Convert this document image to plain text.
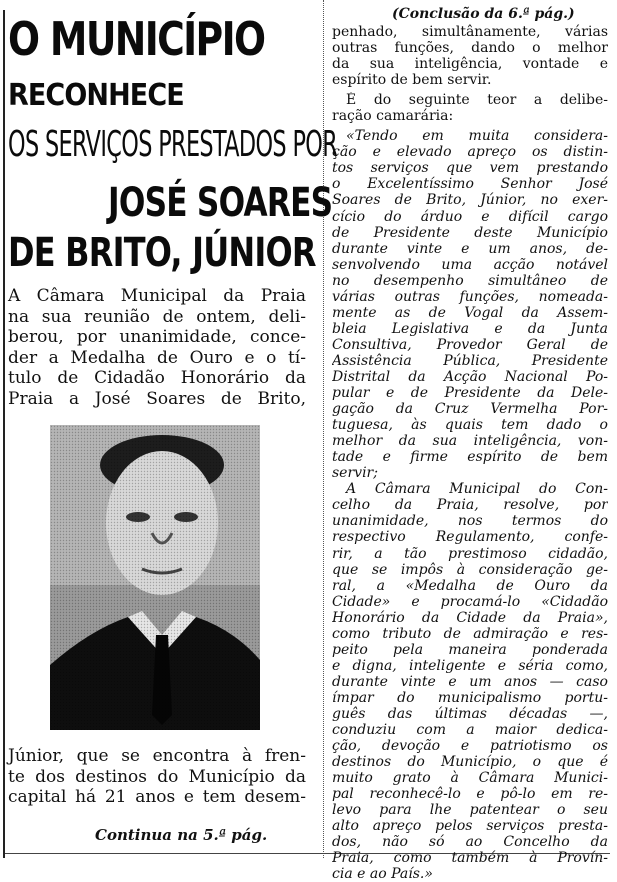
O MUNICÍPIO
RECONHECE
OS SERVIÇOS PRESTADOS POR
JOSÉ SOARES
DE BRITO, JÚNIOR
A Câmara Municipal da Praia
na sua reunião de ontem, deli-
berou, por unanimidade, conce-
der a Medalha de Ouro e o tí-
tulo de Cidadão Honorário da
Praia a José Soares de Brito,
Júnior, que se encontra à fren-
te dos destinos do Município da
capital há 21 anos e tem desem-
Continua na 5.ª pág.
(Conclusão da 6.ª pág.)
penhado, simultânamente, várias
outras funções, dando o melhor
da sua inteligência, vontade e
espírito de bem servir.
É do seguinte teor a delibe-
ração camarária:
«Tendo em muita considera-
ção e elevado apreço os distin-
tos serviços que vem prestando
o Excelentíssimo Senhor José
Soares de Brito, Júnior, no exer-
cício do árduo e difícil cargo
de Presidente deste Município
durante vinte e um anos, de-
senvolvendo uma acção notável
no desempenho simultâneo de
várias outras funções, nomeada-
mente as de Vogal da Assem-
bleia Legislativa e da Junta
Consultiva, Provedor Geral de
Assistência Pública, Presidente
Distrital da Acção Nacional Po-
pular e de Presidente da Dele-
gação da Cruz Vermelha Por-
tuguesa, às quais tem dado o
melhor da sua inteligência, von-
tade e firme espírito de bem
servir;
A Câmara Municipal do Con-
celho da Praia, resolve, por
unanimidade, nos termos do
respectivo Regulamento, confe-
rir, a tão prestimoso cidadão,
que se impôs à consideração ge-
ral, a «Medalha de Ouro da
Cidade» e procamá-lo «Cidadão
Honorário da Cidade da Praia»,
como tributo de admiração e res-
peito pela maneira ponderada
e digna, inteligente e séria como,
durante vinte e um anos — caso
ímpar do municipalismo portu-
guês das últimas décadas —,
conduziu com a maior dedica-
ção, devoção e patriotismo os
destinos do Município, o que é
muito grato à Câmara Munici-
pal reconhecê-lo e pô-lo em re-
levo para lhe patentear o seu
alto apreço pelos serviços presta-
dos, não só ao Concelho da
Praia, como também à Provín-
cia e ao País.»
